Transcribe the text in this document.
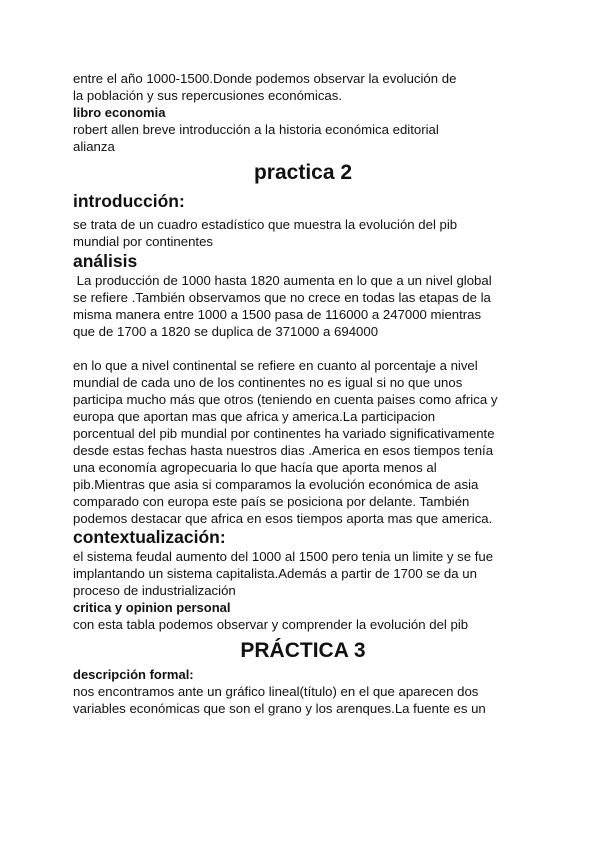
entre el año 1000-1500.Donde podemos observar la evolución de

la población y sus repercusiones económicas.

libro economia

robert allen breve introducción a la historia económica editorial

alianza

practica 2
introducción:

se trata de un cuadro estadístico que muestra la evolución del pib

mundial por continentes

análisis

La producción de 1000 hasta 1820 aumenta en lo que a un nivel global

se refiere .También observamos que no crece en todas las etapas de la

misma manera entre 1000 a 1500 pasa de 116000 a 247000 mientras

que de 1700 a 1820 se duplica de 371000 a 694000

en lo que a nivel continental se refiere en cuanto al porcentaje a nivel

mundial de cada uno de los continentes no es igual si no que unos

participa mucho más que otros (teniendo en cuenta paises como africa y

europa que aportan mas que africa y america.La participacion

porcentual del pib mundial por continentes ha variado significativamente

desde estas fechas hasta nuestros dias .America en esos tiempos tenía

una economía agropecuaria lo que hacía que aporta menos al

pib.Mientras que asia si comparamos la evolución económica de asia

comparado con europa este país se posiciona por delante. También

podemos destacar que africa en esos tiempos aporta mas que america.

contextualización:

el sistema feudal aumento del 1000 al 1500 pero tenia un limite y se fue

implantando un sistema capitalista.Además a partir de 1700 se da un

proceso de industrialización

critica y opinion personal

con esta tabla podemos observar y comprender la evolución del pib

PRÁCTICA 3
descripción formal:

nos encontramos ante un gráfico lineal(título) en el que aparecen dos

variables económicas que son el grano y los arenques.La fuente es un
